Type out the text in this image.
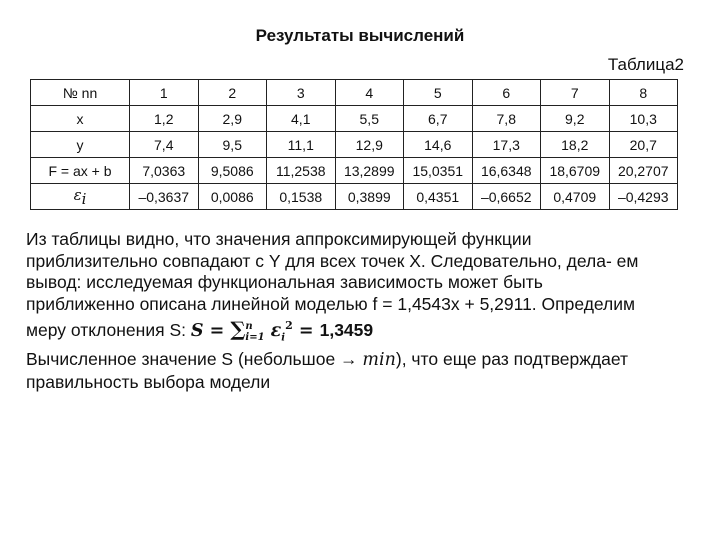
Результаты вычислений
Таблица2
№ nn	1	2	3	4	5	6	7	8
x	1,2	2,9	4,1	5,5	6,7	7,8	9,2	10,3
y	7,4	9,5	11,1	12,9	14,6	17,3	18,2	20,7
F = ax + b	7,0363	9,5086	11,2538	13,2899	15,0351	16,6348	18,6709	20,2707
$\varepsilon_i$	–0,3637	0,0086	0,1538	0,3899	0,4351	–0,6652	0,4709	–0,4293

Из таблицы видно, что значения аппроксимирующей функции

приблизительно совпадают с Y для всех точек X. Следовательно, дела- ем

вывод: исследуемая функциональная зависимость может быть

приближенно описана линейной моделью f = 1,4543x + 5,2911. Определим

меру отклонения S: S = ∑ n
i=1 $\varepsilon_i^2 = 1,3459$

Вычисленное значение S (небольшое → min), что еще раз подтверждает

правильность выбора модели
